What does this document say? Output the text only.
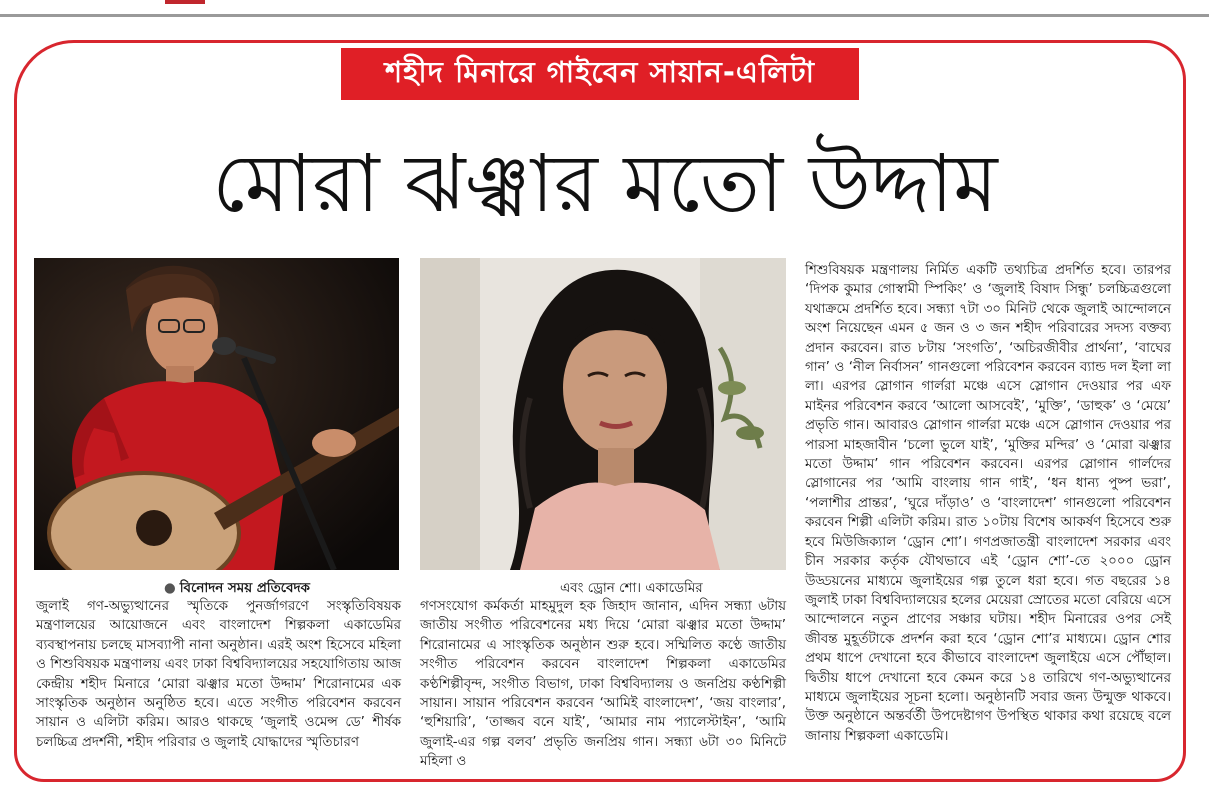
শহীদ মিনারে গাইবেন সায়ান-এলিটা
মোরা ঝঞ্ঝার মতো উদ্দাম
● বিনোদন সময় প্রতিবেদক

জুলাই গণ-অভ্যুত্থানের স্মৃতিকে পুনর্জাগরণে সংস্কৃতিবিষয়ক মন্ত্রণালয়ের আয়োজনে এবং বাংলাদেশ শিল্পকলা একাডেমির ব্যবস্থাপনায় চলছে মাসব্যাপী নানা অনুষ্ঠান। এরই অংশ হিসেবে মহিলা ও শিশুবিষয়ক মন্ত্রণালয় এবং ঢাকা বিশ্ববিদ্যালয়ের সহযোগিতায় আজ কেন্দ্রীয় শহীদ মিনারে ‘মোরা ঝঞ্ঝার মতো উদ্দাম’ শিরোনামের এক সাংস্কৃতিক অনুষ্ঠান অনুষ্ঠিত হবে। এতে সংগীত পরিবেশন করবেন সায়ান ও এলিটা করিম। আরও থাকছে ‘জুলাই ওমেন্স ডে’ শীর্ষক চলচ্চিত্র প্রদর্শনী, শহীদ পরিবার ও জুলাই যোদ্ধাদের স্মৃতিচারণ

এবং ড্রোন শো। একাডেমির

গণসংযোগ কর্মকর্তা মাহমুদুল হক জিহাদ জানান, এদিন সন্ধ্যা ৬টায় জাতীয় সংগীত পরিবেশনের মধ্য দিয়ে ‘মোরা ঝঞ্ঝার মতো উদ্দাম’ শিরোনামের এ সাংস্কৃতিক অনুষ্ঠান শুরু হবে। সম্মিলিত কণ্ঠে জাতীয় সংগীত পরিবেশন করবেন বাংলাদেশ শিল্পকলা একাডেমির কণ্ঠশিল্পীবৃন্দ, সংগীত বিভাগ, ঢাকা বিশ্ববিদ্যালয় ও জনপ্রিয় কণ্ঠশিল্পী সায়ান। সায়ান পরিবেশন করবেন ‘আমিই বাংলাদেশ’, ‘জয় বাংলার’, ‘হুশিয়ারি’, ‘তাজ্জব বনে যাই’, ‘আমার নাম প্যালেস্টাইন’, ‘আমি জুলাই-এর গল্প বলব’ প্রভৃতি জনপ্রিয় গান। সন্ধ্যা ৬টা ৩০ মিনিটে মহিলা ও

শিশুবিষয়ক মন্ত্রণালয় নির্মিত একটি তথ্যচিত্র প্রদর্শিত হবে। তারপর ‘দিপক কুমার গোস্বামী স্পিকিং’ ও ‘জুলাই বিষাদ সিন্ধু’ চলচ্চিত্রগুলো যথাক্রমে প্রদর্শিত হবে। সন্ধ্যা ৭টা ৩০ মিনিট থেকে জুলাই আন্দোলনে অংশ নিয়েছেন এমন ৫ জন ও ৩ জন শহীদ পরিবারের সদস্য বক্তব্য প্রদান করবেন। রাত ৮টায় ‘সংগতি’, ‘অচিরজীবীর প্রার্থনা’, ‘বাঘের গান’ ও ‘নীল নির্বাসন’ গানগুলো পরিবেশন করবেন ব্যান্ড দল ইলা লা লা। এরপর স্লোগান গার্লরা মঞ্চে এসে স্লোগান দেওয়ার পর এফ মাইনর পরিবেশন করবে ‘আলো আসবেই’, ‘মুক্তি’, ‘ডাহুক’ ও ‘মেয়ে’ প্রভৃতি গান। আবারও স্লোগান গার্লরা মঞ্চে এসে স্লোগান দেওয়ার পর পারসা মাহজাবীন ‘চলো ভুলে যাই’, ‘মুক্তির মন্দির’ ও ‘মোরা ঝঞ্ঝার মতো উদ্দাম’ গান পরিবেশন করবেন। এরপর স্লোগান গার্লদের স্লোগানের পর ‘আমি বাংলায় গান গাই’, ‘ধন ধান্য পুষ্প ভরা’, ‘পলাশীর প্রান্তর’, ‘ঘুরে দাঁড়াও’ ও ‘বাংলাদেশ’ গানগুলো পরিবেশন করবেন শিল্পী এলিটা করিম। রাত ১০টায় বিশেষ আকর্ষণ হিসেবে শুরু হবে মিউজিক্যাল ‘ড্রোন শো’। গণপ্রজাতন্ত্রী বাংলাদেশ সরকার এবং চীন সরকার কর্তৃক যৌথভাবে এই ‘ড্রোন শো’-তে ২০০০ ড্রোন উড্ডয়নের মাধ্যমে জুলাইয়ের গল্প তুলে ধরা হবে। গত বছরের ১৪ জুলাই ঢাকা বিশ্ববিদ্যালয়ের হলের মেয়েরা স্রোতের মতো বেরিয়ে এসে আন্দোলনে নতুন প্রাণের সঞ্চার ঘটায়। শহীদ মিনারের ওপর সেই জীবন্ত মুহূর্তটাকে প্রদর্শন করা হবে ‘ড্রোন শো’র মাধ্যমে। ড্রোন শোর প্রথম ধাপে দেখানো হবে কীভাবে বাংলাদেশ জুলাইয়ে এসে পৌঁছাল। দ্বিতীয় ধাপে দেখানো হবে কেমন করে ১৪ তারিখে গণ-অভ্যুত্থানের মাধ্যমে জুলাইয়ের সূচনা হলো। অনুষ্ঠানটি সবার জন্য উন্মুক্ত থাকবে। উক্ত অনুষ্ঠানে অন্তর্বর্তী উপদেষ্টাগণ উপস্থিত থাকার কথা রয়েছে বলে জানায় শিল্পকলা একাডেমি।
